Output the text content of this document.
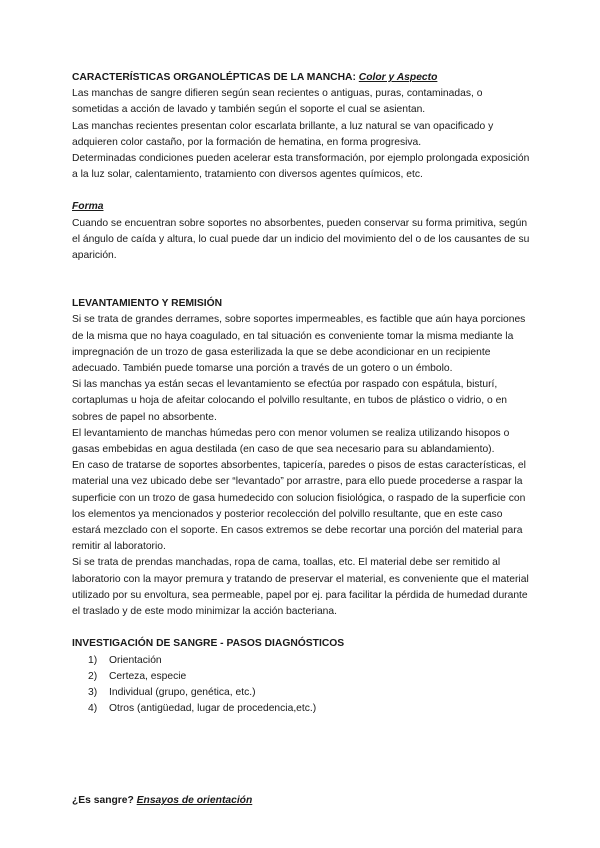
CARACTERÍSTICAS ORGANOLÉPTICAS DE LA MANCHA: Color y Aspecto

Las manchas de sangre difieren según sean recientes o antiguas, puras, contaminadas, o sometidas a acción de lavado y también según el soporte el cual se asientan.

Las manchas recientes presentan color escarlata brillante, a luz natural se van opacificado y adquieren color castaño, por la formación de hematina, en forma progresiva.

Determinadas condiciones pueden acelerar esta transformación, por ejemplo prolongada exposición a la luz solar, calentamiento, tratamiento con diversos agentes químicos, etc.

Forma

Cuando se encuentran sobre soportes no absorbentes, pueden conservar su forma primitiva, según el ángulo de caída y altura, lo cual puede dar un indicio del movimiento del o de los causantes de su aparición.

LEVANTAMIENTO Y REMISIÓN

Si se trata de grandes derrames, sobre soportes impermeables, es factible que aún haya porciones de la misma que no haya coagulado, en tal situación es conveniente tomar la misma mediante la impregnación de un trozo de gasa esterilizada la que se debe acondicionar en un recipiente adecuado. También puede tomarse una porción a través de un gotero o un émbolo.

Si las manchas ya están secas el levantamiento se efectúa por raspado con espátula, bisturí, cortaplumas u hoja de afeitar colocando el polvillo resultante, en tubos de plástico o vidrio, o en sobres de papel no absorbente.

El levantamiento de manchas húmedas pero con menor volumen se realiza utilizando hisopos o gasas embebidas en agua destilada (en caso de que sea necesario para su ablandamiento).

En caso de tratarse de soportes absorbentes, tapicería, paredes o pisos de estas características, el material una vez ubicado debe ser “levantado” por arrastre, para ello puede procederse a raspar la superficie con un trozo de gasa humedecido con solucion fisiológica, o raspado de la superficie con los elementos ya mencionados y posterior recolección del polvillo resultante, que en este caso estará mezclado con el soporte. En casos extremos se debe recortar una porción del material para remitir al laboratorio.

Si se trata de prendas manchadas, ropa de cama, toallas, etc. El material debe ser remitido al laboratorio con la mayor premura y tratando de preservar el material, es conveniente que el material utilizado por su envoltura, sea permeable, papel por ej. para facilitar la pérdida de humedad durante el traslado y de este modo minimizar la acción bacteriana.

INVESTIGACIÓN DE SANGRE - PASOS DIAGNÓSTICOS

1) Orientación
2) Certeza, especie
3) Individual (grupo, genética, etc.)
4) Otros (antigüedad, lugar de procedencia,etc.)

¿Es sangre? Ensayos de orientación
